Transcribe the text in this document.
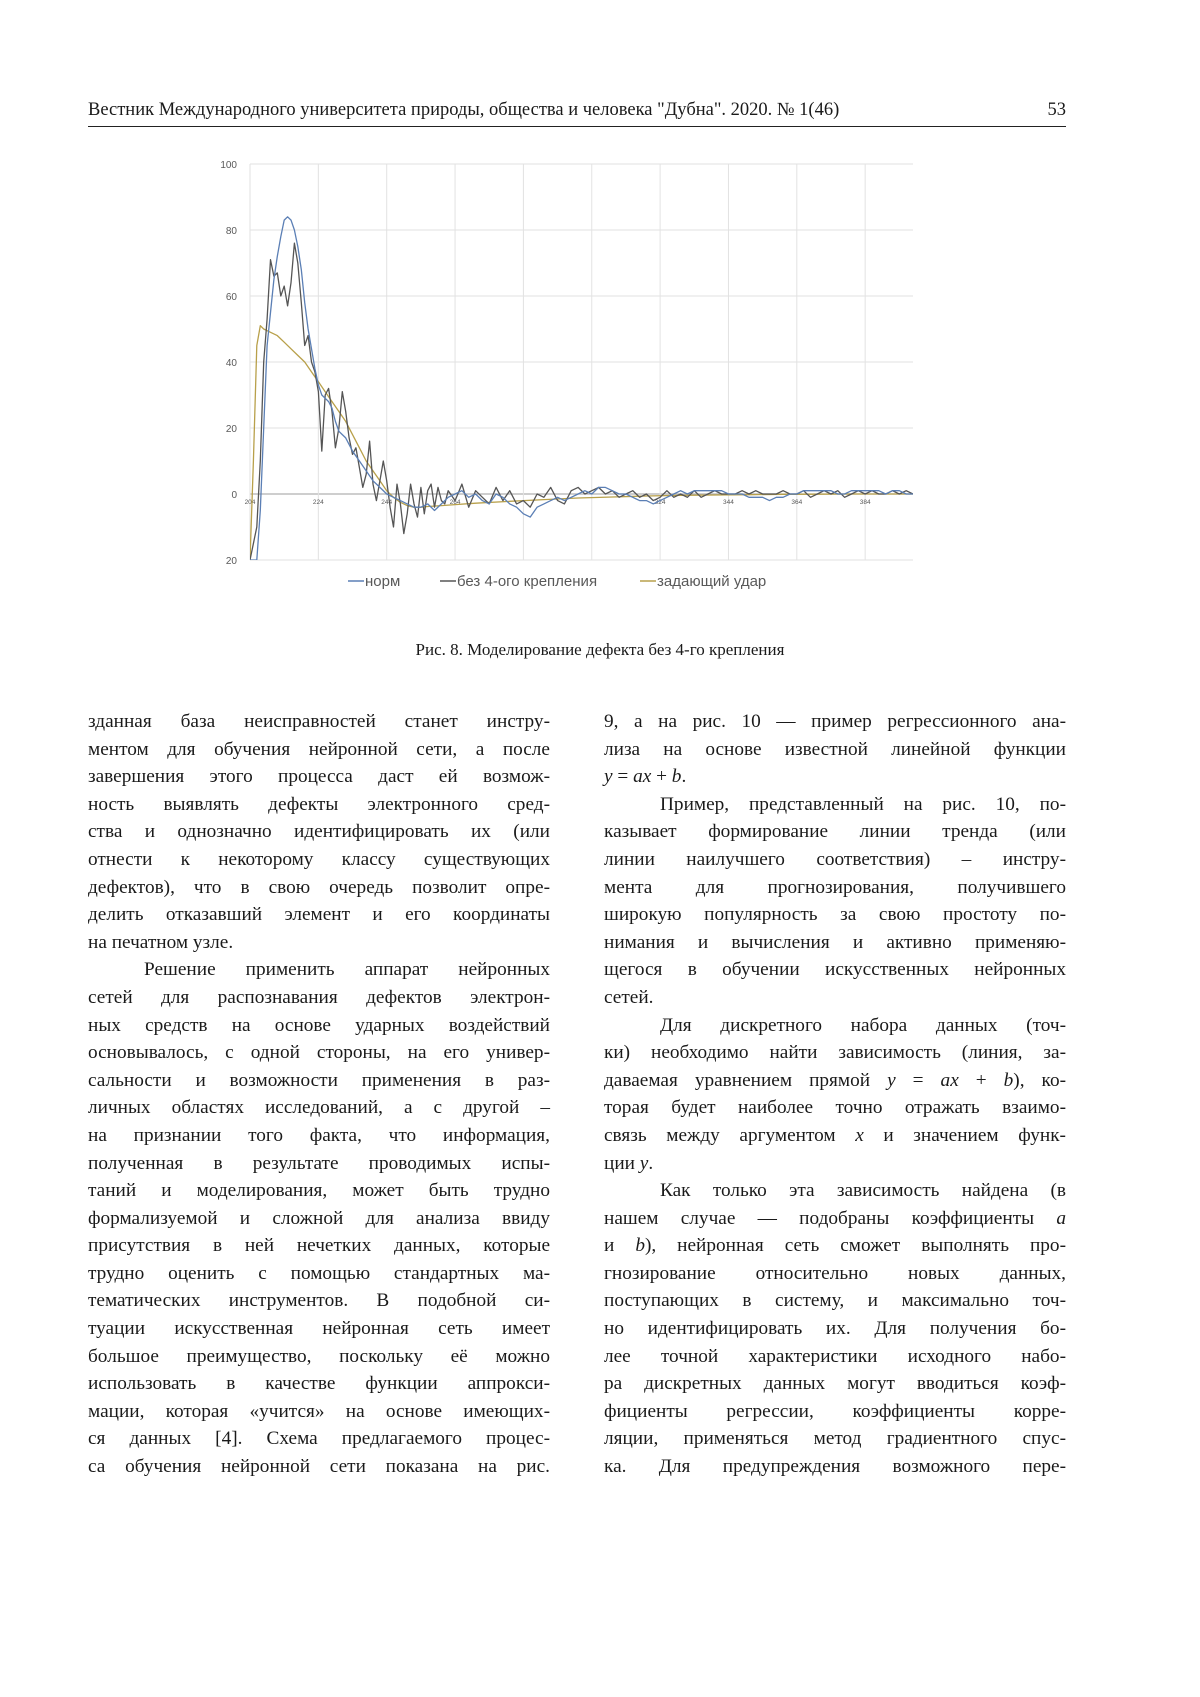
Вестник Международного университета природы, общества и человека "Дубна". 2020. № 1(46)	53
100
80
60
40
20
0
20
204	224	244	264	324	344	364	384
норм	без 4-ого крепления	задающий удар
Рис. 8. Моделирование дефекта без 4-го крепления
зданная база неисправностей станет инстру-
ментом для обучения нейронной сети, а после
завершения этого процесса даст ей возмож-
ность выявлять дефекты электронного сред-
ства и однозначно идентифицировать их (или
отнести к некоторому классу существующих
дефектов), что в свою очередь позволит опре-
делить отказавший элемент и его координаты
на печатном узле.
Решение применить аппарат нейронных
сетей для распознавания дефектов электрон-
ных средств на основе ударных воздействий
основывалось, с одной стороны, на его универ-
сальности и возможности применения в раз-
личных областях исследований, а с другой –
на признании того факта, что информация,
полученная в результате проводимых испы-
таний и моделирования, может быть трудно
формализуемой и сложной для анализа ввиду
присутствия в ней нечетких данных, которые
трудно оценить с помощью стандартных ма-
тематических инструментов. В подобной си-
туации искусственная нейронная сеть имеет
большое преимущество, поскольку её можно
использовать в качестве функции аппрокси-
мации, которая «учится» на основе имеющих-
ся данных [4]. Схема предлагаемого процес-
са обучения нейронной сети показана на рис.
9, а на рис. 10 — пример регрессионного ана-
лиза на основе известной линейной функции
y = ax + b.
Пример, представленный на рис. 10, по-
казывает формирование линии тренда (или
линии наилучшего соответствия) – инстру-
мента для прогнозирования, получившего
широкую популярность за свою простоту по-
нимания и вычисления и активно применяю-
щегося в обучении искусственных нейронных
сетей.
Для дискретного набора данных (точ-
ки) необходимо найти зависимость (линия, за-
даваемая уравнением прямой y = ax + b), ко-
торая будет наиболее точно отражать взаимо-
связь между аргументом x и значением функ-
ции y.
Как только эта зависимость найдена (в
нашем случае — подобраны коэффициенты a
и b), нейронная сеть сможет выполнять про-
гнозирование относительно новых данных,
поступающих в систему, и максимально точ-
но идентифицировать их. Для получения бо-
лее точной характеристики исходного набо-
ра дискретных данных могут вводиться коэф-
фициенты регрессии, коэффициенты корре-
ляции, применяться метод градиентного спус-
ка. Для предупреждения возможного пере-
